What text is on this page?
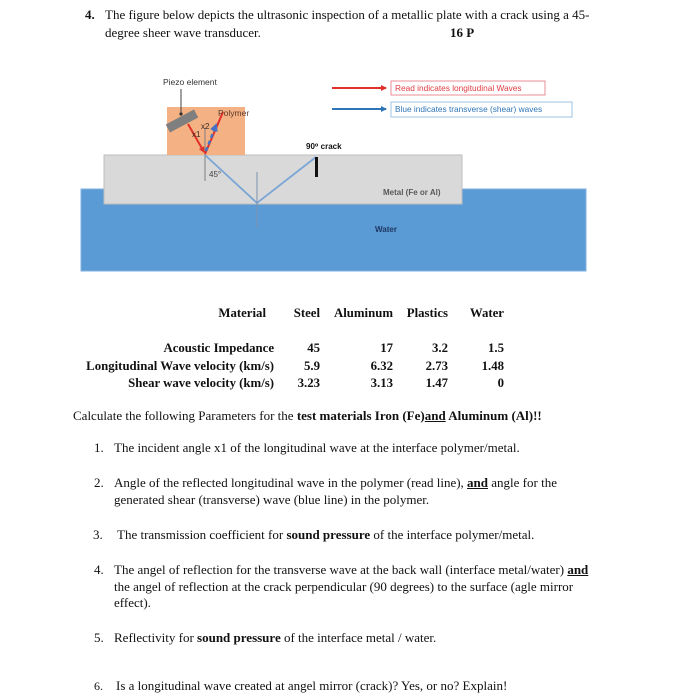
4. The figure below depicts the ultrasonic inspection of a metallic plate with a crack using a 45-degree sheer wave transducer.	16 P
Piezo element
Polymer
x1
x2
45°
90⁰ crack
Metal (Fe or Al)
Water
Read indicates longitudinal Waves
Blue indicates transverse (shear) waves
Material	Steel	Aluminum	Plastics	Water
Acoustic Impedance	45	17	3.2	1.5
Longitudinal Wave velocity (km/s)	5.9	6.32	2.73	1.48
Shear wave velocity (km/s)	3.23	3.13	1.47	0
Calculate the following Parameters for the test materials Iron (Fe)and Aluminum (Al)!!
1. The incident angle x1 of the longitudinal wave at the interface polymer/metal.
2. Angle of the reflected longitudinal wave in the polymer (read line), and angle for the generated shear (transverse) wave (blue line) in the polymer.
3. The transmission coefficient for sound pressure of the interface polymer/metal.
4. The angel of reflection for the transverse wave at the back wall (interface metal/water) and the angel of reflection at the crack perpendicular (90 degrees) to the surface (agle mirror effect).
5. Reflectivity for sound pressure of the interface metal / water.
6. Is a longitudinal wave created at angel mirror (crack)? Yes, or no? Explain!
